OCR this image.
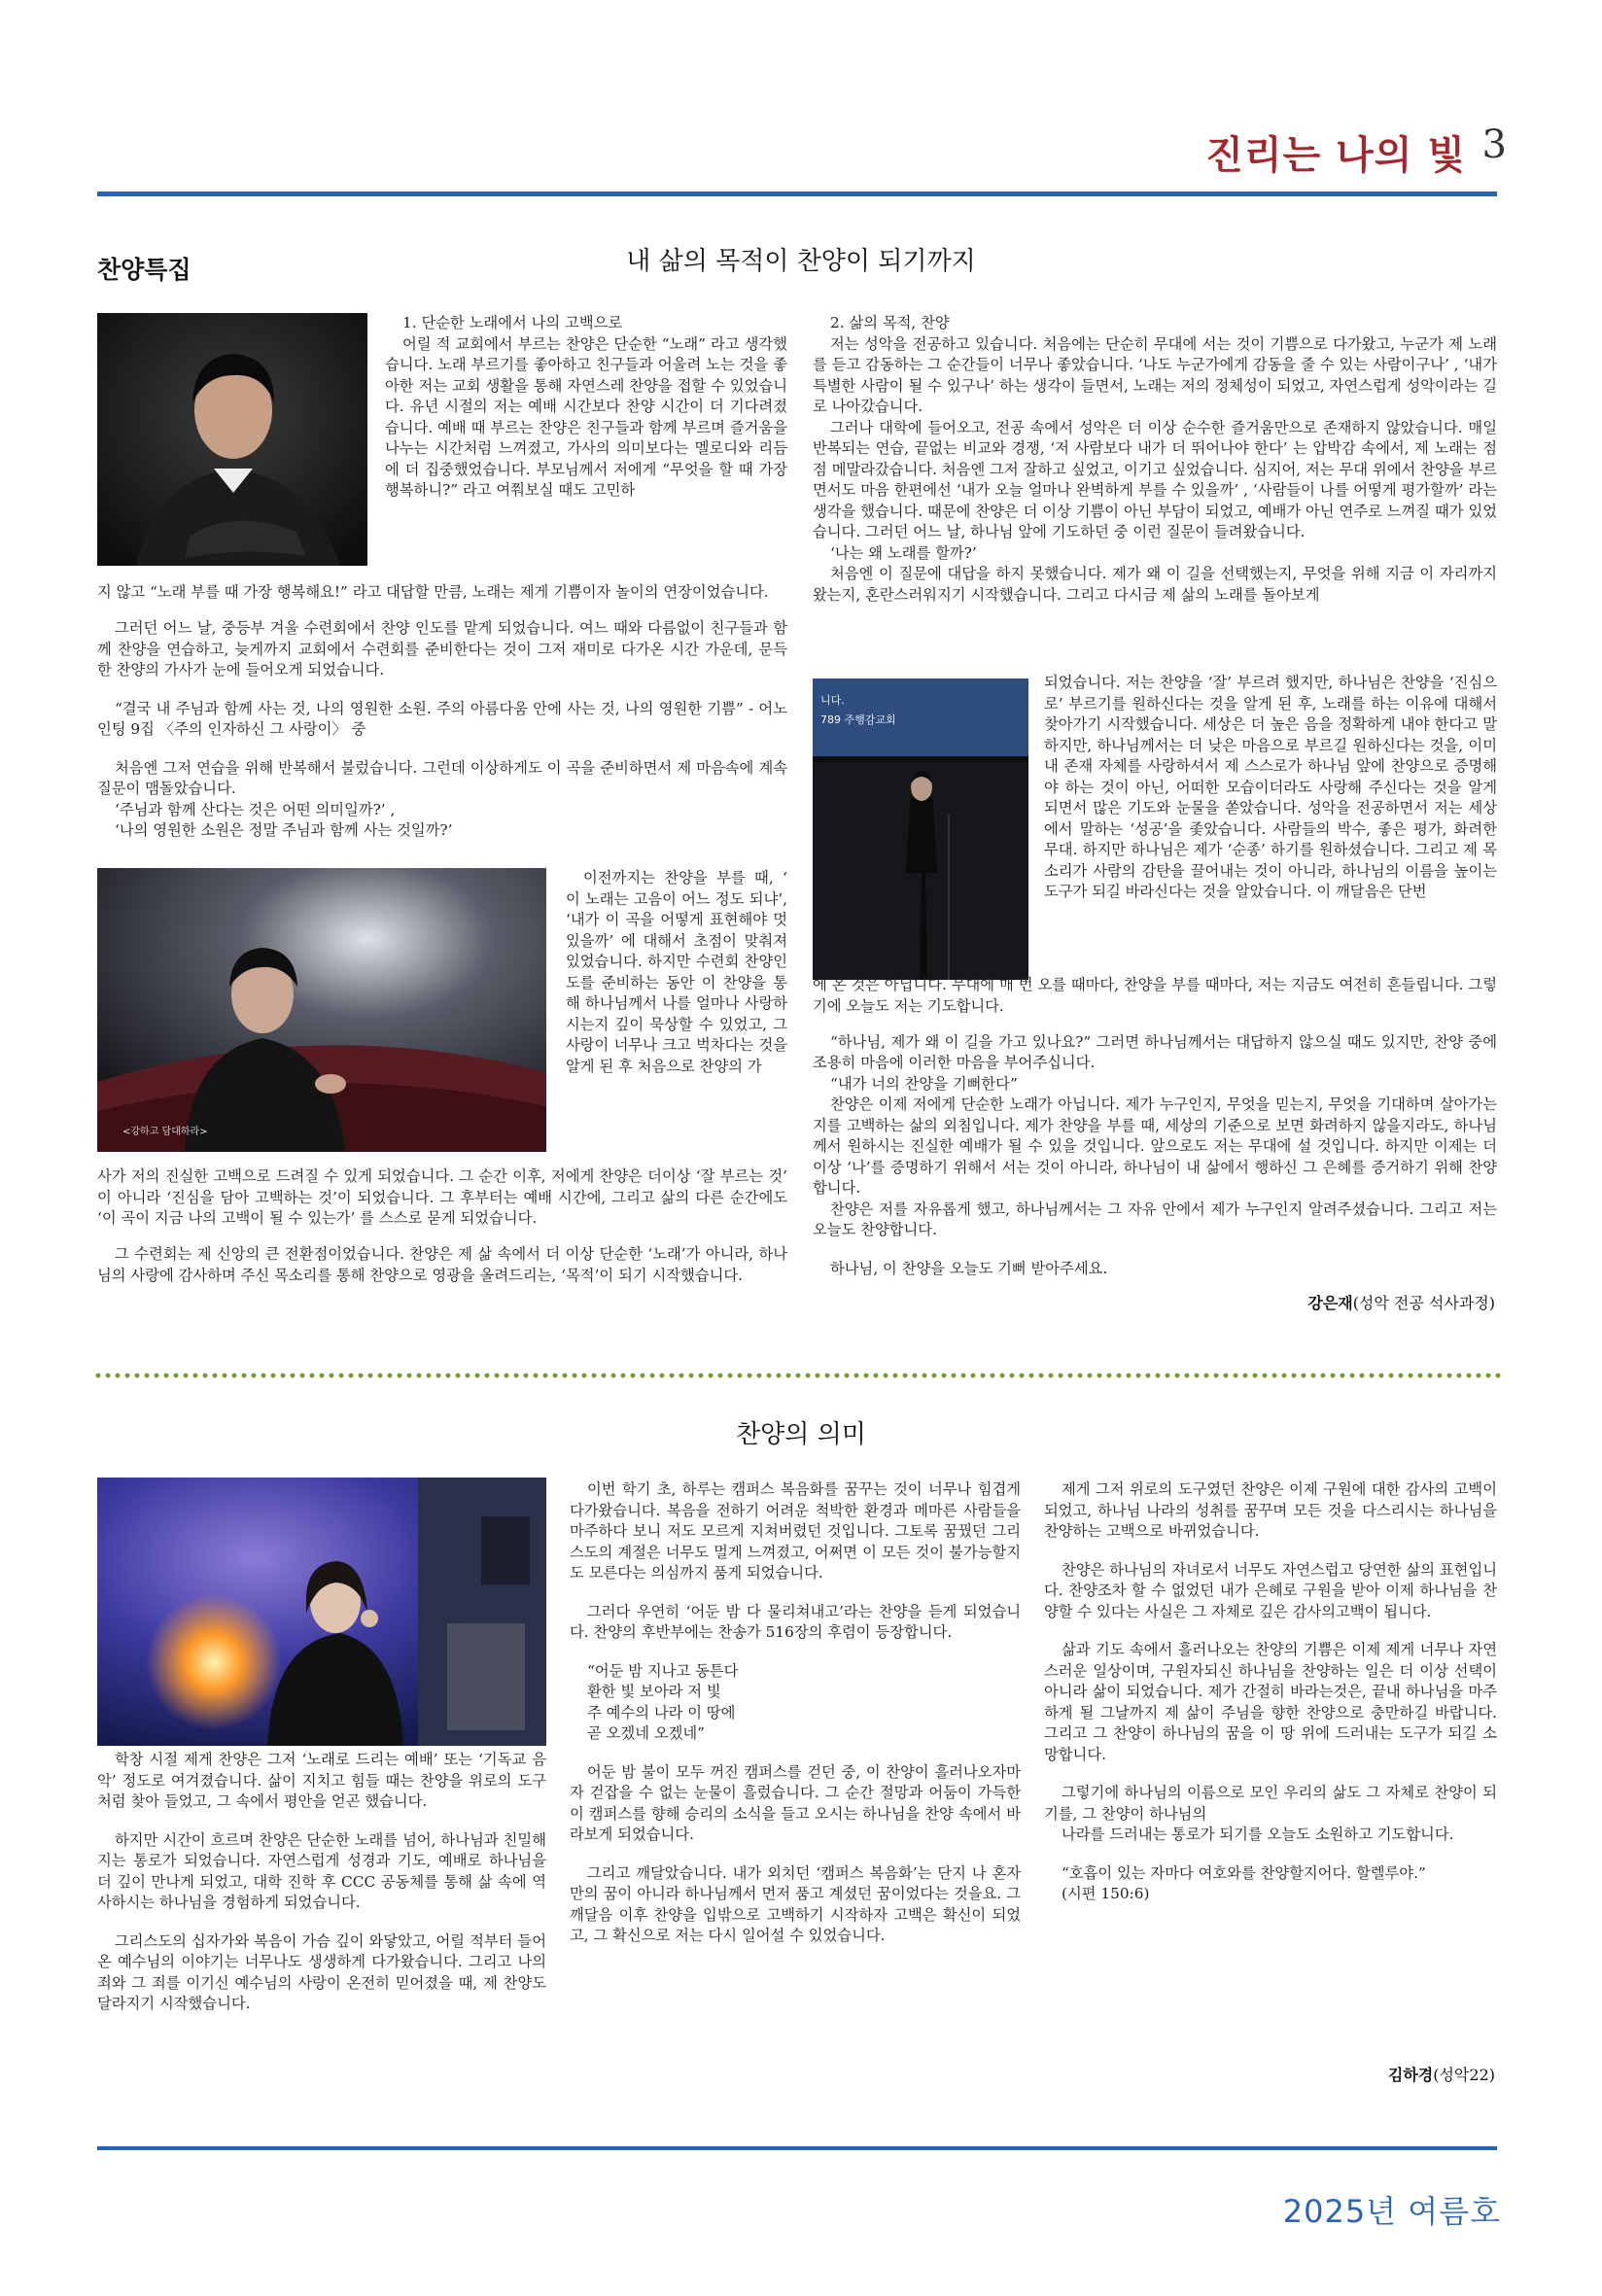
진리는 나의 빛 3
찬양특집	내 삶의 목적이 찬양이 되기까지

1. 단순한 노래에서 나의 고백으로

어릴 적 교회에서 부르는 찬양은 단순한 “노래” 라고 생각했습니다. 노래 부르기를 좋아하고 친구들과 어울려 노는 것을 좋아한 저는 교회 생활을 통해 자연스레 찬양을 접할 수 있었습니다. 유년 시절의 저는 예배 시간보다 찬양 시간이 더 기다려졌습니다. 예배 때 부르는 찬양은 친구들과 함께 부르며 즐거움을 나누는 시간처럼 느껴졌고, 가사의 의미보다는 멜로디와 리듬에 더 집중했었습니다. 부모님께서 저에게 “무엇을 할 때 가장 행복하니?” 라고 여쭤보실 때도 고민하

지 않고 “노래 부를 때 가장 행복해요!” 라고 대답할 만큼, 노래는 제게 기쁨이자 놀이의 연장이었습니다.

그러던 어느 날, 중등부 겨울 수련회에서 찬양 인도를 맡게 되었습니다. 여느 때와 다름없이 친구들과 함께 찬양을 연습하고, 늦게까지 교회에서 수련회를 준비한다는 것이 그저 재미로 다가온 시간 가운데, 문득 한 찬양의 가사가 눈에 들어오게 되었습니다.

“결국 내 주님과 함께 사는 것, 나의 영원한 소원. 주의 아름다움 안에 사는 것, 나의 영원한 기쁨” - 어노인팅 9집 〈주의 인자하신 그 사랑이〉 중

처음엔 그저 연습을 위해 반복해서 불렀습니다. 그런데 이상하게도 이 곡을 준비하면서 제 마음속에 계속 질문이 맴돌았습니다.

‘주님과 함께 산다는 것은 어떤 의미일까?’ ,

‘나의 영원한 소원은 정말 주님과 함께 사는 것일까?’

<강하고 담대하라>

이전까지는 찬양을 부를 때, ‘ 이 노래는 고음이 어느 정도 되냐’, ‘내가 이 곡을 어떻게 표현해야 멋있을까’ 에 대해서 초점이 맞춰져 있었습니다. 하지만 수련회 찬양인도를 준비하는 동안 이 찬양을 통해 하나님께서 나를 얼마나 사랑하시는지 깊이 묵상할 수 있었고, 그 사랑이 너무나 크고 벅차다는 것을 알게 된 후 처음으로 찬양의 가

사가 저의 진실한 고백으로 드려질 수 있게 되었습니다. 그 순간 이후, 저에게 찬양은 더이상 ‘잘 부르는 것’ 이 아니라 ‘진심을 담아 고백하는 것’이 되었습니다. 그 후부터는 예배 시간에, 그리고 삶의 다른 순간에도 ‘이 곡이 지금 나의 고백이 될 수 있는가’ 를 스스로 묻게 되었습니다.

그 수련회는 제 신앙의 큰 전환점이었습니다. 찬양은 제 삶 속에서 더 이상 단순한 ‘노래’가 아니라, 하나님의 사랑에 감사하며 주신 목소리를 통해 찬양으로 영광을 올려드리는, ‘목적’이 되기 시작했습니다.

2. 삶의 목적, 찬양

저는 성악을 전공하고 있습니다. 처음에는 단순히 무대에 서는 것이 기쁨으로 다가왔고, 누군가 제 노래를 듣고 감동하는 그 순간들이 너무나 좋았습니다. ‘나도 누군가에게 감동을 줄 수 있는 사람이구나’ , ‘내가 특별한 사람이 될 수 있구나’ 하는 생각이 들면서, 노래는 저의 정체성이 되었고, 자연스럽게 성악이라는 길로 나아갔습니다.

그러나 대학에 들어오고, 전공 속에서 성악은 더 이상 순수한 즐거움만으로 존재하지 않았습니다. 매일 반복되는 연습, 끝없는 비교와 경쟁, ‘저 사람보다 내가 더 뛰어나야 한다’ 는 압박감 속에서, 제 노래는 점점 메말라갔습니다. 처음엔 그저 잘하고 싶었고, 이기고 싶었습니다. 심지어, 저는 무대 위에서 찬양을 부르면서도 마음 한편에선 ‘내가 오늘 얼마나 완벽하게 부를 수 있을까’ , ‘사람들이 나를 어떻게 평가할까’ 라는 생각을 했습니다. 때문에 찬양은 더 이상 기쁨이 아닌 부담이 되었고, 예배가 아닌 연주로 느껴질 때가 있었습니다. 그러던 어느 날, 하나님 앞에 기도하던 중 이런 질문이 들려왔습니다.

‘나는 왜 노래를 할까?’

처음엔 이 질문에 대답을 하지 못했습니다. 제가 왜 이 길을 선택했는지, 무엇을 위해 지금 이 자리까지 왔는지, 혼란스러워지기 시작했습니다. 그리고 다시금 제 삶의 노래를 돌아보게

니다.
789 주행감교회

되었습니다. 저는 찬양을 ‘잘’ 부르려 했지만, 하나님은 찬양을 ‘진심으로’ 부르기를 원하신다는 것을 알게 된 후, 노래를 하는 이유에 대해서 찾아가기 시작했습니다. 세상은 더 높은 음을 정확하게 내야 한다고 말하지만, 하나님께서는 더 낮은 마음으로 부르길 원하신다는 것을, 이미 내 존재 자체를 사랑하셔서 제 스스로가 하나님 앞에 찬양으로 증명해야 하는 것이 아닌, 어떠한 모습이더라도 사랑해 주신다는 것을 알게 되면서 많은 기도와 눈물을 쏟았습니다. 성악을 전공하면서 저는 세상에서 말하는 ‘성공’을 좇았습니다. 사람들의 박수, 좋은 평가, 화려한 무대. 하지만 하나님은 제가 ‘순종’ 하기를 원하셨습니다. 그리고 제 목소리가 사람의 감탄을 끌어내는 것이 아니라, 하나님의 이름을 높이는 도구가 되길 바라신다는 것을 알았습니다. 이 깨달음은 단번

에 온 것은 아닙니다. 무대에 매 번 오를 때마다, 찬양을 부를 때마다, 저는 지금도 여전히 흔들립니다. 그렇기에 오늘도 저는 기도합니다.

“하나님, 제가 왜 이 길을 가고 있나요?” 그러면 하나님께서는 대답하지 않으실 때도 있지만, 찬양 중에 조용히 마음에 이러한 마음을 부어주십니다.

“내가 너의 찬양을 기뻐한다”

찬양은 이제 저에게 단순한 노래가 아닙니다. 제가 누구인지, 무엇을 믿는지, 무엇을 기대하며 살아가는지를 고백하는 삶의 외침입니다. 제가 찬양을 부를 때, 세상의 기준으로 보면 화려하지 않을지라도, 하나님께서 원하시는 진실한 예배가 될 수 있을 것입니다. 앞으로도 저는 무대에 설 것입니다. 하지만 이제는 더 이상 ‘나’를 증명하기 위해서 서는 것이 아니라, 하나님이 내 삶에서 행하신 그 은혜를 증거하기 위해 찬양합니다.

찬양은 저를 자유롭게 했고, 하나님께서는 그 자유 안에서 제가 누구인지 알려주셨습니다. 그리고 저는 오늘도 찬양합니다.

하나님, 이 찬양을 오늘도 기뻐 받아주세요.

강은재(성악 전공 석사과정)
찬양의 의미

학창 시절 제게 찬양은 그저 ‘노래로 드리는 예배’ 또는 ‘기독교 음악’ 정도로 여겨졌습니다. 삶이 지치고 힘들 때는 찬양을 위로의 도구처럼 찾아 들었고, 그 속에서 평안을 얻곤 했습니다.

하지만 시간이 흐르며 찬양은 단순한 노래를 넘어, 하나님과 친밀해지는 통로가 되었습니다. 자연스럽게 성경과 기도, 예배로 하나님을 더 깊이 만나게 되었고, 대학 진학 후 CCC 공동체를 통해 삶 속에 역사하시는 하나님을 경험하게 되었습니다.

그리스도의 십자가와 복음이 가슴 깊이 와닿았고, 어릴 적부터 들어온 예수님의 이야기는 너무나도 생생하게 다가왔습니다. 그리고 나의 죄와 그 죄를 이기신 예수님의 사랑이 온전히 믿어졌을 때, 제 찬양도 달라지기 시작했습니다.

이번 학기 초, 하루는 캠퍼스 복음화를 꿈꾸는 것이 너무나 힘겹게 다가왔습니다. 복음을 전하기 어려운 척박한 환경과 메마른 사람들을 마주하다 보니 저도 모르게 지쳐버렸던 것입니다. 그토록 꿈꿨던 그리스도의 계절은 너무도 멀게 느껴졌고, 어쩌면 이 모든 것이 불가능할지도 모른다는 의심까지 품게 되었습니다.

그러다 우연히 ‘어둔 밤 다 물리쳐내고’라는 찬양을 듣게 되었습니다. 찬양의 후반부에는 찬송가 516장의 후렴이 등장합니다.

“어둔 밤 지나고 동튼다

환한 빛 보아라 저 빛

주 예수의 나라 이 땅에

곧 오겠네 오겠네”

어둔 밤 불이 모두 꺼진 캠퍼스를 걷던 중, 이 찬양이 흘러나오자마자 걷잡을 수 없는 눈물이 흘렀습니다. 그 순간 절망과 어둠이 가득한 이 캠퍼스를 향해 승리의 소식을 들고 오시는 하나님을 찬양 속에서 바라보게 되었습니다.

그리고 깨달았습니다. 내가 외치던 ‘캠퍼스 복음화’는 단지 나 혼자만의 꿈이 아니라 하나님께서 먼저 품고 계셨던 꿈이었다는 것을요. 그 깨달음 이후 찬양을 입밖으로 고백하기 시작하자 고백은 확신이 되었고, 그 확신으로 저는 다시 일어설 수 있었습니다.

제게 그저 위로의 도구였던 찬양은 이제 구원에 대한 감사의 고백이 되었고, 하나님 나라의 성취를 꿈꾸며 모든 것을 다스리시는 하나님을 찬양하는 고백으로 바뀌었습니다.

찬양은 하나님의 자녀로서 너무도 자연스럽고 당연한 삶의 표현입니다. 찬양조차 할 수 없었던 내가 은혜로 구원을 받아 이제 하나님을 찬양할 수 있다는 사실은 그 자체로 깊은 감사의고백이 됩니다.

삶과 기도 속에서 흘러나오는 찬양의 기쁨은 이제 제게 너무나 자연스러운 일상이며, 구원자되신 하나님을 찬양하는 일은 더 이상 선택이 아니라 삶이 되었습니다. 제가 간절히 바라는것은, 끝내 하나님을 마주하게 될 그날까지 제 삶이 주님을 향한 찬양으로 충만하길 바랍니다. 그리고 그 찬양이 하나님의 꿈을 이 땅 위에 드러내는 도구가 되길 소망합니다.

그렇기에 하나님의 이름으로 모인 우리의 삶도 그 자체로 찬양이 되기를, 그 찬양이 하나님의

나라를 드러내는 통로가 되기를 오늘도 소원하고 기도합니다.

“호흡이 있는 자마다 여호와를 찬양할지어다. 할렐루야.”

(시편 150:6)

김하경(성악22)
2025년 여름호
